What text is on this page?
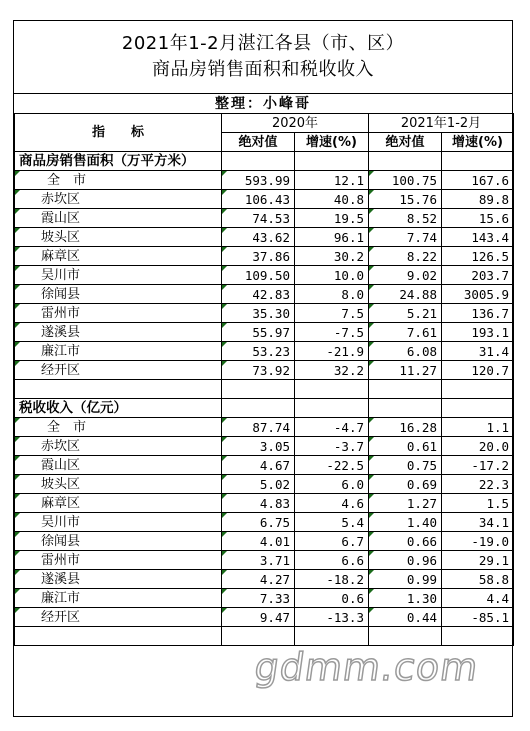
2021年1-2月湛江各县（市、区）
商品房销售面积和税收收入
整理：小峰哥
指　　标	2020年		2021年1-2月	
	绝对值	增速(%)	绝对值	增速(%)
商品房销售面积（万平方米）				

全　市	593.99	12.1	100.75	167.6

赤坎区	106.43	40.8	15.76	89.8

霞山区	74.53	19.5	8.52	15.6

坡头区	43.62	96.1	7.74	143.4

麻章区	37.86	30.2	8.22	126.5

吴川市	109.50	10.0	9.02	203.7

徐闻县	42.83	8.0	24.88	3005.9

雷州市	35.30	7.5	5.21	136.7

遂溪县	55.97	-7.5	7.61	193.1

廉江市	53.23	-21.9	6.08	31.4

经开区	73.92	32.2	11.27	120.7

税收收入（亿元）				

全　市	87.74	-4.7	16.28	1.1

赤坎区	3.05	-3.7	0.61	20.0

霞山区	4.67	-22.5	0.75	-17.2

坡头区	5.02	6.0	0.69	22.3

麻章区	4.83	4.6	1.27	1.5

吴川市	6.75	5.4	1.40	34.1

徐闻县	4.01	6.7	0.66	-19.0

雷州市	3.71	6.6	0.96	29.1

遂溪县	4.27	-18.2	0.99	58.8

廉江市	7.33	0.6	1.30	4.4

经开区	9.47	-13.3	0.44	-85.1

gdmm.com
